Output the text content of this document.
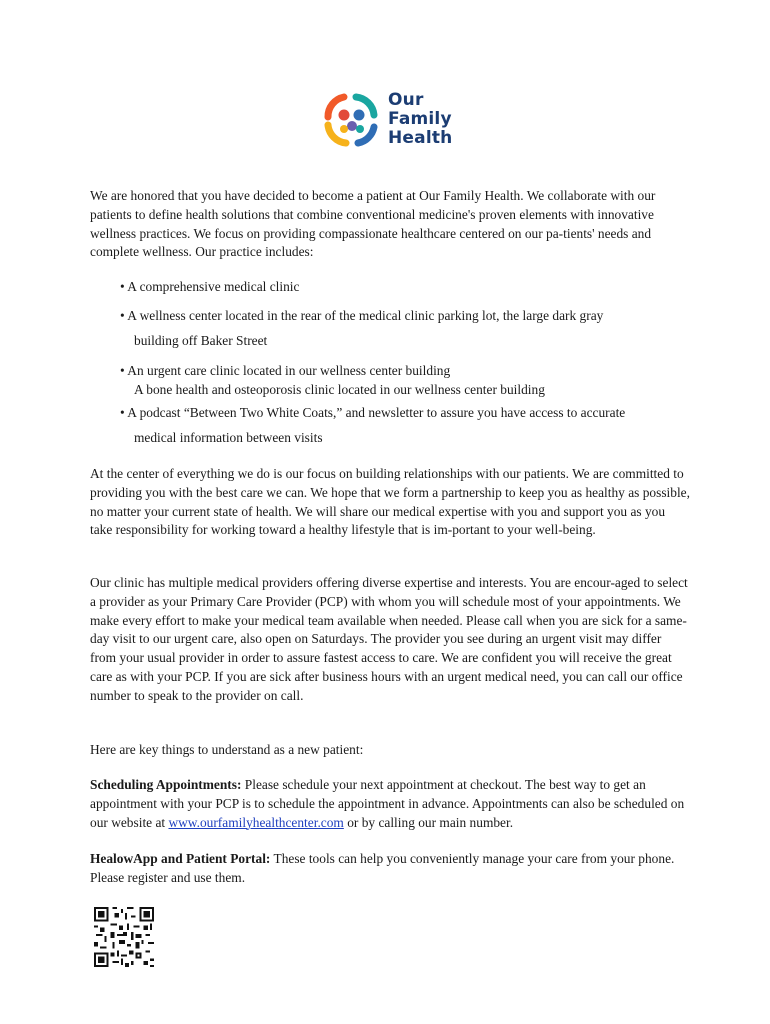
Our
Family
Health
We are honored that you have decided to become a patient at Our Family Health. We collaborate with our patients to define health solutions that combine conventional medicine's proven elements with innovative wellness practices. We focus on providing compassionate healthcare centered on our pa-tients' needs and complete wellness. Our practice includes:
• A comprehensive medical clinic
• A wellness center located in the rear of the medical clinic parking lot, the large dark gray
building off Baker Street
• An urgent care clinic located in our wellness center building
A bone health and osteoporosis clinic located in our wellness center building
• A podcast “Between Two White Coats,” and newsletter to assure you have access to accurate
medical information between visits
At the center of everything we do is our focus on building relationships with our patients. We are committed to providing you with the best care we can. We hope that we form a partnership to keep you as healthy as possible, no matter your current state of health. We will share our medical expertise with you and support you as you take responsibility for working toward a healthy lifestyle that is im-portant to your well-being.
Our clinic has multiple medical providers offering diverse expertise and interests. You are encour-aged to select a provider as your Primary Care Provider (PCP) with whom you will schedule most of your appointments. We make every effort to make your medical team available when needed. Please call when you are sick for a same-day visit to our urgent care, also open on Saturdays. The provider you see during an urgent visit may differ from your usual provider in order to assure fastest access to care. We are confident you will receive the great care as with your PCP. If you are sick after business hours with an urgent medical need, you can call our office number to speak to the provider on call.
Here are key things to understand as a new patient:
Scheduling Appointments: Please schedule your next appointment at checkout. The best way to get an appointment with your PCP is to schedule the appointment in advance. Appointments can also be scheduled on our website at www.ourfamilyhealthcenter.com or by calling our main number.
HealowApp and Patient Portal: These tools can help you conveniently manage your care from your phone. Please register and use them.
